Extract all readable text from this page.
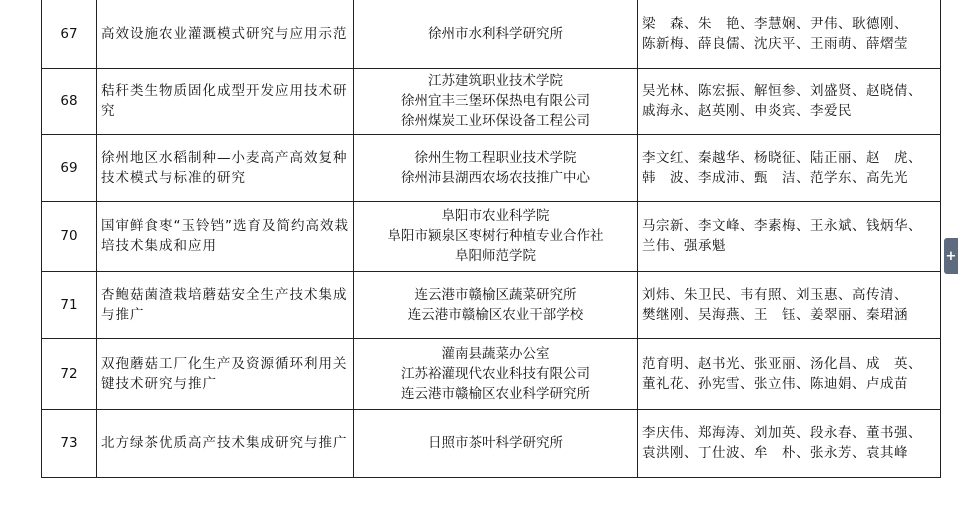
67	高效设施农业灌溉模式研究与应用示范	徐州市水利科学研究所	梁　森、朱　艳、李慧娴、尹伟、耿德刚、
陈新梅、薛良儒、沈庆平、王雨萌、薛熠莹

68	秸秆类生物质固化成型开发应用技术研究	江苏建筑职业技术学院
徐州宜丰三堡环保热电有限公司
徐州煤炭工业环保设备工程公司	吴光林、陈宏振、解恒参、刘盛贤、赵晓倩、
戚海永、赵英刚、申炎宾、李爱民

69	徐州地区水稻制种—小麦高产高效复种技术模式与标准的研究	徐州生物工程职业技术学院
徐州沛县湖西农场农技推广中心	李文红、秦越华、杨晓征、陆正丽、赵　虎、
韩　波、李成沛、甄　洁、范学东、高先光

70	国审鲜食枣“玉铃铛”选育及简约高效栽培技术集成和应用	阜阳市农业科学院
阜阳市颍泉区枣树行种植专业合作社
阜阳师范学院	马宗新、李文峰、李素梅、王永斌、钱炳华、
兰伟、强承魁

71	杏鲍菇菌渣栽培蘑菇安全生产技术集成与推广	连云港市赣榆区蔬菜研究所
连云港市赣榆区农业干部学校	刘炜、朱卫民、韦有照、刘玉惠、高传清、
樊继刚、吴海燕、王　钰、姜翠丽、秦珺涵

72	双孢蘑菇工厂化生产及资源循环利用关键技术研究与推广	灌南县蔬菜办公室
江苏裕灌现代农业科技有限公司
连云港市赣榆区农业科学研究所	范育明、赵书光、张亚丽、汤化昌、成　英、
董礼花、孙宪雪、张立伟、陈迪娟、卢成苗

73	北方绿茶优质高产技术集成研究与推广	日照市茶叶科学研究所	李庆伟、郑海涛、刘加英、段永春、董书强、
袁洪刚、丁仕波、牟　朴、张永芳、袁其峰
+
